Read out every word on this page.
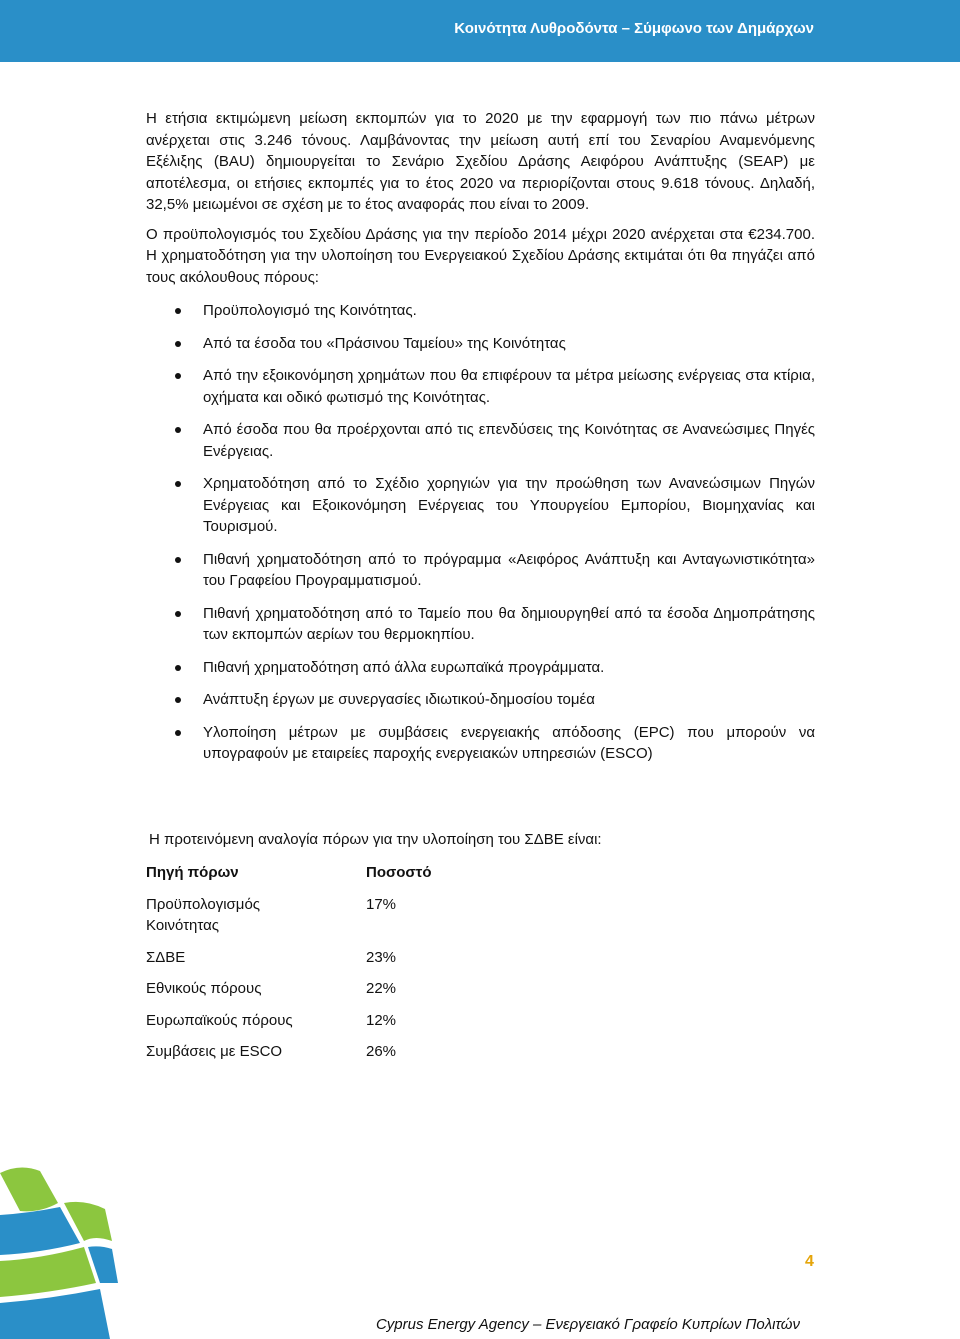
Κοινότητα Λυθροδόντα – Σύμφωνο των Δημάρχων

Η ετήσια εκτιμώμενη μείωση εκπομπών για το 2020 με την εφαρμογή των πιο πάνω μέτρων ανέρχεται στις 3.246 τόνους. Λαμβάνοντας την μείωση αυτή επί του Σεναρίου Αναμενόμενης Εξέλιξης (BAU) δημιουργείται το Σενάριο Σχεδίου Δράσης Αειφόρου Ανάπτυξης (SEAP) με αποτέλεσμα, οι ετήσιες εκπομπές για το έτος 2020 να περιορίζονται στους 9.618 τόνους. Δηλαδή, 32,5% μειωμένοι σε σχέση με το έτος αναφοράς που είναι το 2009.

Ο προϋπολογισμός του Σχεδίου Δράσης για την περίοδο 2014 μέχρι 2020 ανέρχεται στα €234.700. Η χρηματοδότηση για την υλοποίηση του Ενεργειακού Σχεδίου Δράσης εκτιμάται ότι θα πηγάζει από τους ακόλουθους πόρους:

Προϋπολογισμό της Κοινότητας.
Από τα έσοδα του «Πράσινου Ταμείου» της Κοινότητας
Από την εξοικονόμηση χρημάτων που θα επιφέρουν τα μέτρα μείωσης ενέργειας στα κτίρια, οχήματα και οδικό φωτισμό της Κοινότητας.
Από έσοδα που θα προέρχονται από τις επενδύσεις της Κοινότητας σε Ανανεώσιμες Πηγές Ενέργειας.
Χρηματοδότηση από το Σχέδιο χορηγιών για την προώθηση των Ανανεώσιμων Πηγών Ενέργειας και Εξοικονόμηση Ενέργειας του Υπουργείου Εμπορίου, Βιομηχανίας και Τουρισμού.
Πιθανή χρηματοδότηση από το πρόγραμμα «Αειφόρος Ανάπτυξη και Ανταγωνιστικότητα» του Γραφείου Προγραμματισμού.
Πιθανή χρηματοδότηση από το Ταμείο που θα δημιουργηθεί από τα έσοδα Δημοπράτησης των εκπομπών αερίων του θερμοκηπίου.
Πιθανή χρηματοδότηση από άλλα ευρωπαϊκά προγράμματα.
Ανάπτυξη έργων με συνεργασίες ιδιωτικού-δημοσίου τομέα
Υλοποίηση μέτρων με συμβάσεις ενεργειακής απόδοσης (EPC) που μπορούν να υπογραφούν με εταιρείες παροχής ενεργειακών υπηρεσιών (ESCO)
Η προτεινόμενη αναλογία πόρων για την υλοποίηση του ΣΔΒΕ είναι:
Πηγή πόρων	Ποσοστό
Προϋπολογισμός Κοινότητας	17%
ΣΔΒΕ	23%
Εθνικούς πόρους	22%
Ευρωπαϊκούς πόρους	12%
Συμβάσεις με ESCO	26%
4
Cyprus Energy Agency – Ενεργειακό Γραφείο Κυπρίων Πολιτών
